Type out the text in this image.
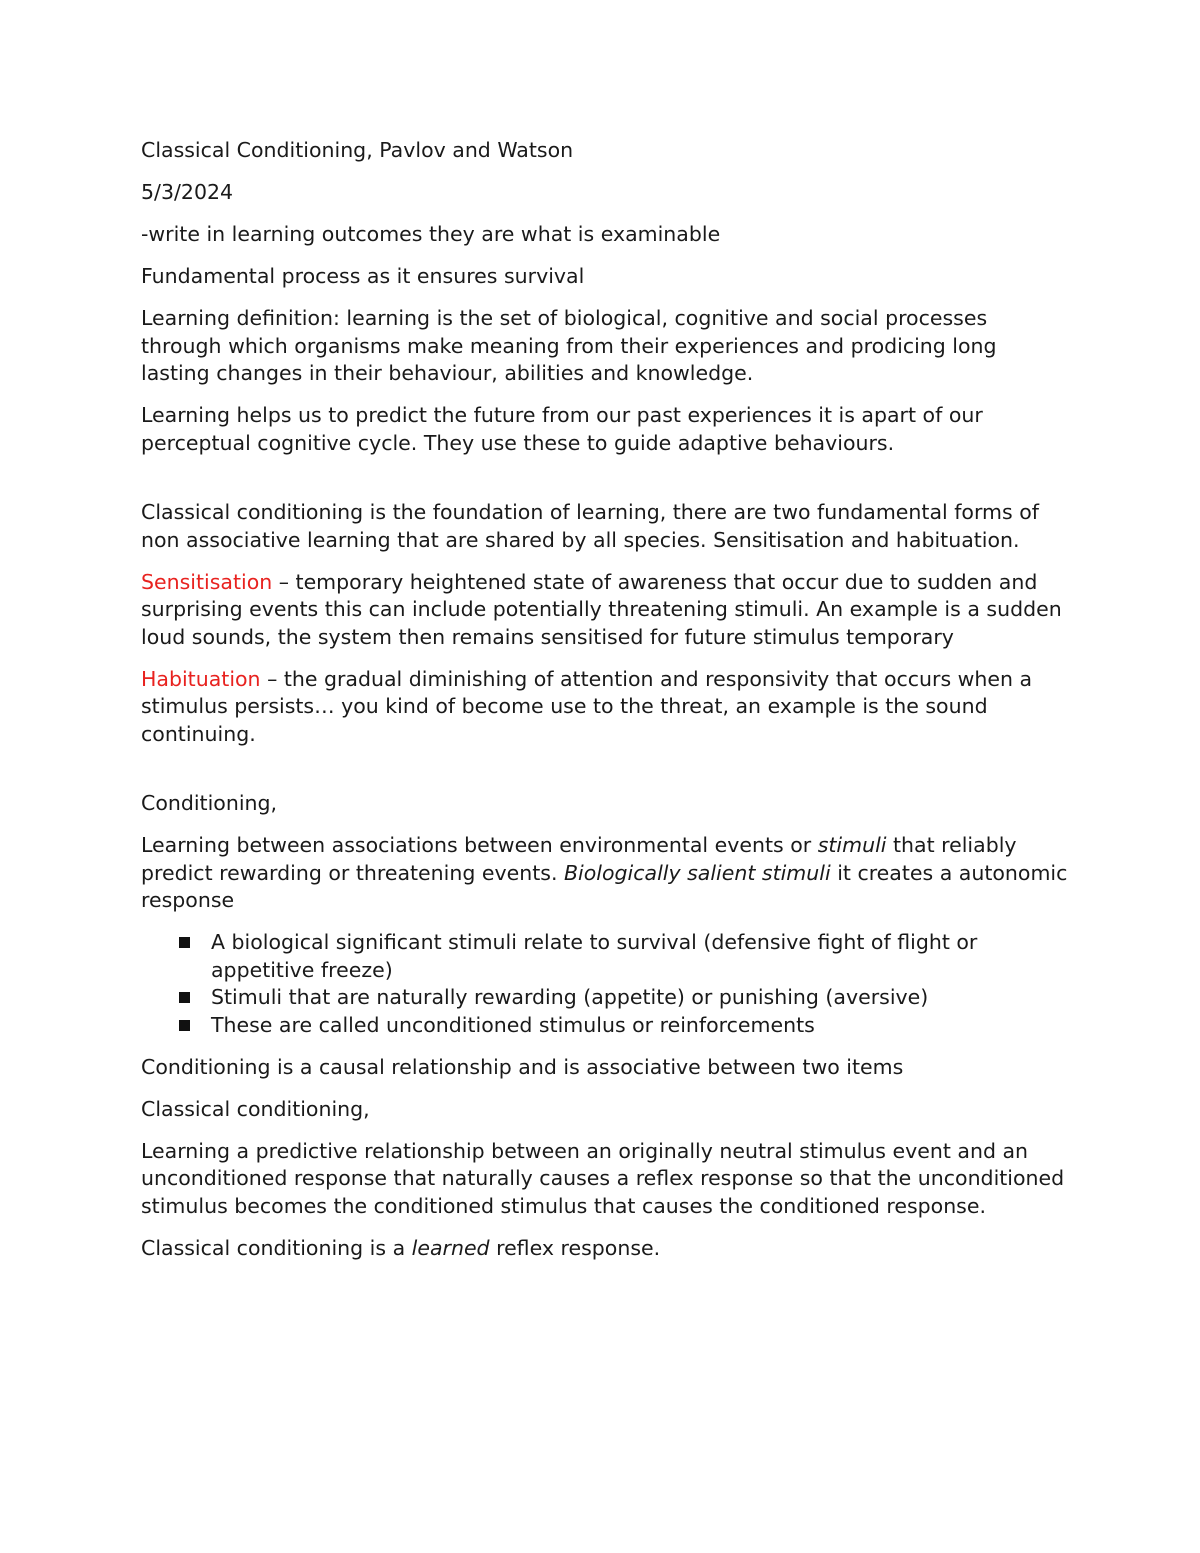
Classical Conditioning, Pavlov and Watson

5/3/2024

-write in learning outcomes they are what is examinable

Fundamental process as it ensures survival

Learning definition: learning is the set of biological, cognitive and social processes through which organisms make meaning from their experiences and prodicing long lasting changes in their behaviour, abilities and knowledge.

Learning helps us to predict the future from our past experiences it is apart of our perceptual cognitive cycle. They use these to guide adaptive behaviours.

Classical conditioning is the foundation of learning, there are two fundamental forms of non associative learning that are shared by all species. Sensitisation and habituation.

Sensitisation – temporary heightened state of awareness that occur due to sudden and surprising events this can include potentially threatening stimuli. An example is a sudden loud sounds, the system then remains sensitised for future stimulus temporary

Habituation – the gradual diminishing of attention and responsivity that occurs when a stimulus persists… you kind of become use to the threat, an example is the sound continuing.

Conditioning,

Learning between associations between environmental events or stimuli that reliably predict rewarding or threatening events. Biologically salient stimuli it creates a autonomic response

A biological significant stimuli relate to survival (defensive fight of flight or appetitive freeze)
Stimuli that are naturally rewarding (appetite) or punishing (aversive)
These are called unconditioned stimulus or reinforcements

Conditioning is a causal relationship and is associative between two items

Classical conditioning,

Learning a predictive relationship between an originally neutral stimulus event and an unconditioned response that naturally causes a reflex response so that the unconditioned stimulus becomes the conditioned stimulus that causes the conditioned response.

Classical conditioning is a learned reflex response.
